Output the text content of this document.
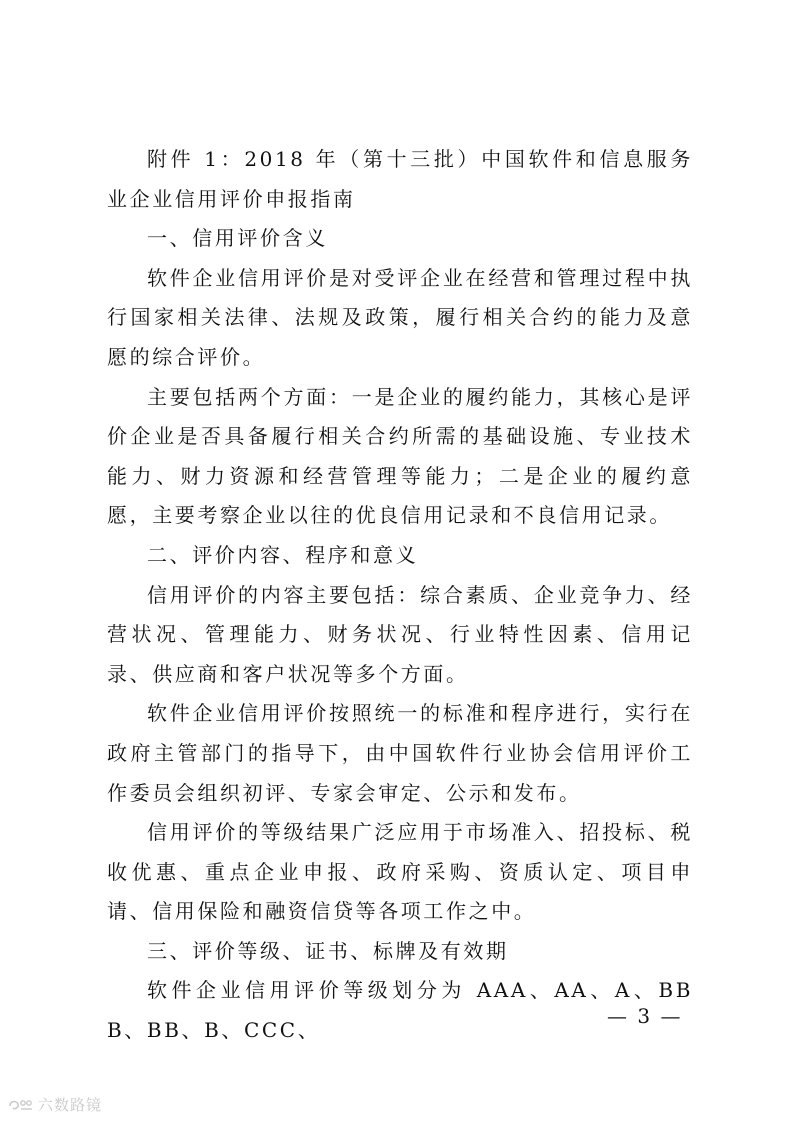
附件 1：2018 年（第十三批）中国软件和信息服务业企业信用评价申报指南

一、信用评价含义

软件企业信用评价是对受评企业在经营和管理过程中执行国家相关法律、法规及政策，履行相关合约的能力及意愿的综合评价。

主要包括两个方面：一是企业的履约能力，其核心是评价企业是否具备履行相关合约所需的基础设施、专业技术能力、财力资源和经营管理等能力；二是企业的履约意愿，主要考察企业以往的优良信用记录和不良信用记录。

二、评价内容、程序和意义

信用评价的内容主要包括：综合素质、企业竞争力、经营状况、管理能力、财务状况、行业特性因素、信用记录、供应商和客户状况等多个方面。

软件企业信用评价按照统一的标准和程序进行，实行在政府主管部门的指导下，由中国软件行业协会信用评价工作委员会组织初评、专家会审定、公示和发布。

信用评价的等级结果广泛应用于市场准入、招投标、税收优惠、重点企业申报、政府采购、资质认定、项目申请、信用保险和融资信贷等各项工作之中。

三、评价等级、证书、标牌及有效期

软件企业信用评价等级划分为 AAA、AA、A、BBB、BB、B、CCC、

— 3 —
六数路镜
